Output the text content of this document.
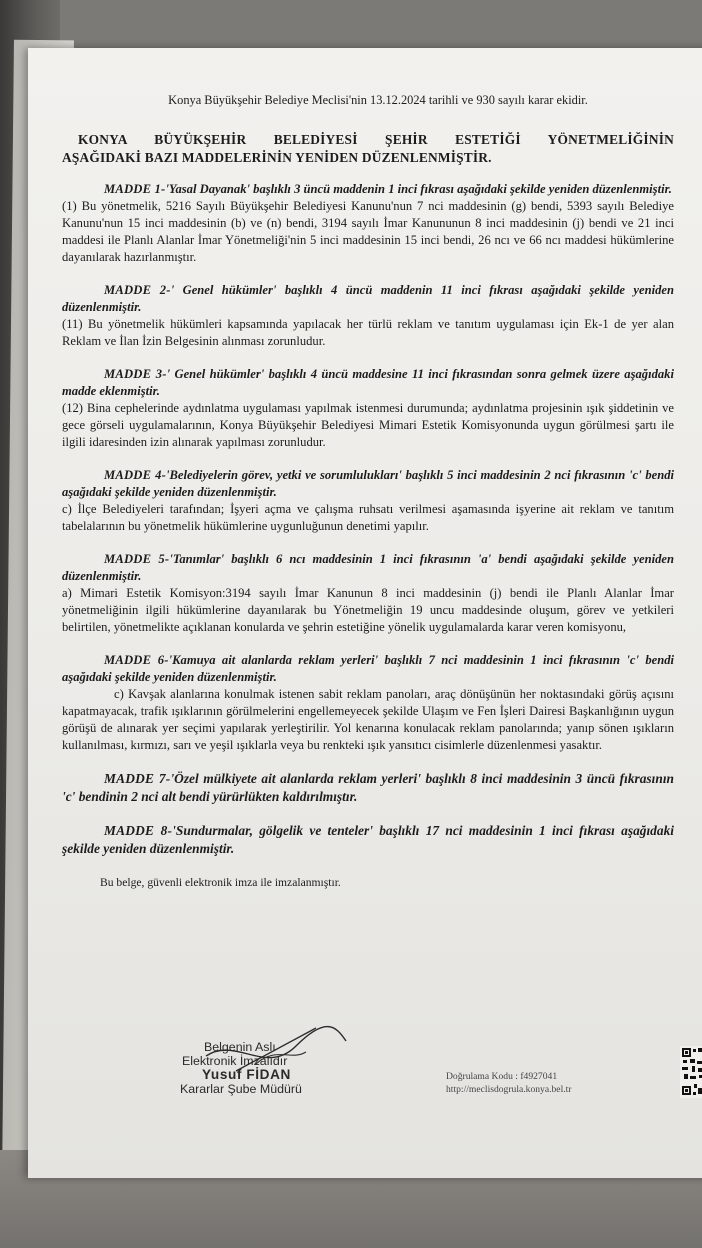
Konya Büyükşehir Belediye Meclisi'nin 13.12.2024 tarihli ve 930 sayılı karar ekidir.

KONYA BÜYÜKŞEHİR BELEDİYESİ ŞEHİR ESTETİĞİ YÖNETMELİĞİNİN
AŞAĞIDAKİ BAZI MADDELERİNİN YENİDEN DÜZENLENMİŞTİR.

MADDE 1-'Yasal Dayanak' başlıklı 3 üncü maddenin 1 inci fıkrası aşağıdaki şekilde yeniden düzenlenmiştir.
(1) Bu yönetmelik, 5216 Sayılı Büyükşehir Belediyesi Kanunu'nun 7 nci maddesinin (g) bendi, 5393 sayılı Belediye Kanunu'nun 15 inci maddesinin (b) ve (n) bendi, 3194 sayılı İmar Kanununun 8 inci maddesinin (j) bendi ve 21 inci maddesi ile Planlı Alanlar İmar Yönetmeliği'nin 5 inci maddesinin 15 inci bendi, 26 ncı ve 66 ncı maddesi hükümlerine dayanılarak hazırlanmıştır.
MADDE 2-' Genel hükümler' başlıklı 4 üncü maddenin 11 inci fıkrası aşağıdaki şekilde yeniden düzenlenmiştir.
(11) Bu yönetmelik hükümleri kapsamında yapılacak her türlü reklam ve tanıtım uygulaması için Ek-1 de yer alan Reklam ve İlan İzin Belgesinin alınması zorunludur.
MADDE 3-' Genel hükümler' başlıklı 4 üncü maddesine 11 inci fıkrasından sonra gelmek üzere aşağıdaki madde eklenmiştir.
(12) Bina cephelerinde aydınlatma uygulaması yapılmak istenmesi durumunda; aydınlatma projesinin ışık şiddetinin ve gece görseli uygulamalarının, Konya Büyükşehir Belediyesi Mimari Estetik Komisyonunda uygun görülmesi şartı ile ilgili idaresinden izin alınarak yapılması zorunludur.
MADDE 4-'Belediyelerin görev, yetki ve sorumlulukları' başlıklı 5 inci maddesinin 2 nci fıkrasının 'c' bendi aşağıdaki şekilde yeniden düzenlenmiştir.
c) İlçe Belediyeleri tarafından; İşyeri açma ve çalışma ruhsatı verilmesi aşamasında işyerine ait reklam ve tanıtım tabelalarının bu yönetmelik hükümlerine uygunluğunun denetimi yapılır.
MADDE 5-'Tanımlar' başlıklı 6 ncı maddesinin 1 inci fıkrasının 'a' bendi aşağıdaki şekilde yeniden düzenlenmiştir.
a) Mimari Estetik Komisyon:3194 sayılı İmar Kanunun 8 inci maddesinin (j) bendi ile Planlı Alanlar İmar yönetmeliğinin ilgili hükümlerine dayanılarak bu Yönetmeliğin 19 uncu maddesinde oluşum, görev ve yetkileri belirtilen, yönetmelikte açıklanan konularda ve şehrin estetiğine yönelik uygulamalarda karar veren komisyonu,
MADDE 6-'Kamuya ait alanlarda reklam yerleri' başlıklı 7 nci maddesinin 1 inci fıkrasının 'c' bendi aşağıdaki şekilde yeniden düzenlenmiştir.
c) Kavşak alanlarına konulmak istenen sabit reklam panoları, araç dönüşünün her noktasındaki görüş açısını kapatmayacak, trafik ışıklarının görülmelerini engellemeyecek şekilde Ulaşım ve Fen İşleri Dairesi Başkanlığının uygun görüşü de alınarak yer seçimi yapılarak yerleştirilir. Yol kenarına konulacak reklam panolarında; yanıp sönen ışıkların kullanılması, kırmızı, sarı ve yeşil ışıklarla veya bu renkteki ışık yansıtıcı cisimlerle düzenlenmesi yasaktır.
MADDE 7-'Özel mülkiyete ait alanlarda reklam yerleri' başlıklı 8 inci maddesinin 3 üncü fıkrasının 'c' bendinin 2 nci alt bendi yürürlükten kaldırılmıştır.
MADDE 8-'Sundurmalar, gölgelik ve tenteler' başlıklı 17 nci maddesinin 1 inci fıkrası aşağıdaki şekilde yeniden düzenlenmiştir.

Bu belge, güvenli elektronik imza ile imzalanmıştır.

Belgenin Aslı
Elektronik İmzalıdır
Yusuf FİDAN
Kararlar Şube Müdürü
Doğrulama Kodu : f4927041
http://meclisdogrula.konya.bel.tr
